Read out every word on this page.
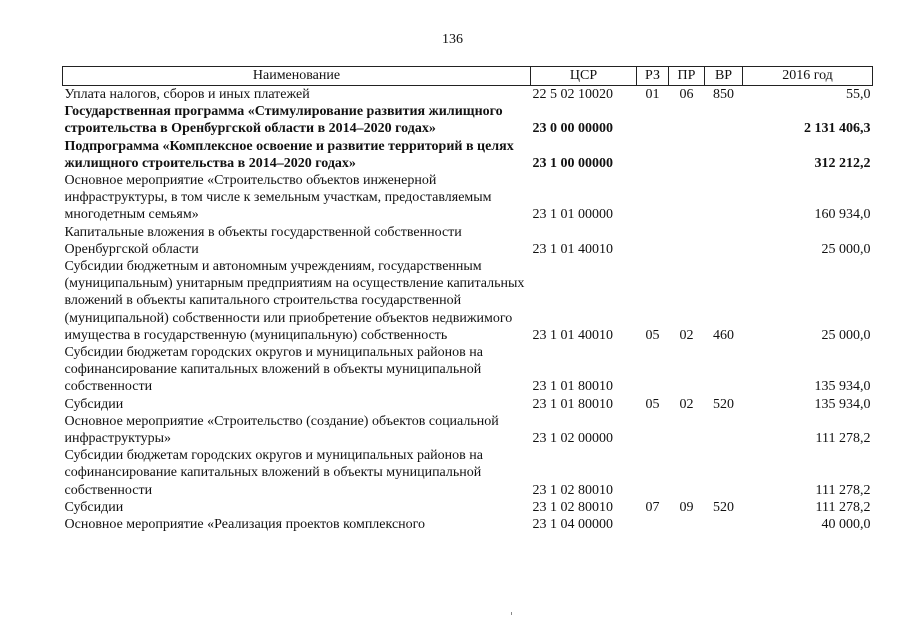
136
Наименование	ЦСР	РЗ	ПР	ВР	2016 год
Уплата налогов, сборов и иных платежей	22 5 02 10020	01	06	850	55,0
Государственная программа «Стимулирование развития жилищного строительства в Оренбургской области в 2014–2020 годах»	23 0 00 00000				2 131 406,3
Подпрограмма «Комплексное освоение и развитие территорий в целях жилищного строительства в 2014–2020 годах»	23 1 00 00000				312 212,2
Основное мероприятие «Строительство объектов инженерной инфраструктуры, в том числе к земельным участкам, предоставляемым многодетным семьям»	23 1 01 00000				160 934,0
Капитальные вложения в объекты государственной собственности Оренбургской области	23 1 01 40010				25 000,0
Субсидии бюджетным и автономным учреждениям, государственным (муниципальным) унитарным предприятиям на осуществление капитальных вложений в объекты капитального строительства государственной (муниципальной) собственности или приобретение объектов недвижимого имущества в государственную (муниципальную) собственность	23 1 01 40010	05	02	460	25 000,0
Субсидии бюджетам городских округов и муниципальных районов на софинансирование капитальных вложений в объекты муниципальной собственности	23 1 01 80010				135 934,0
Субсидии	23 1 01 80010	05	02	520	135 934,0
Основное мероприятие «Строительство (создание) объектов социальной инфраструктуры»	23 1 02 00000				111 278,2
Субсидии бюджетам городских округов и муниципальных районов на софинансирование капитальных вложений в объекты муниципальной собственности	23 1 02 80010				111 278,2
Субсидии	23 1 02 80010	07	09	520	111 278,2
Основное мероприятие «Реализация проектов комплексного	23 1 04 00000				40 000,0
